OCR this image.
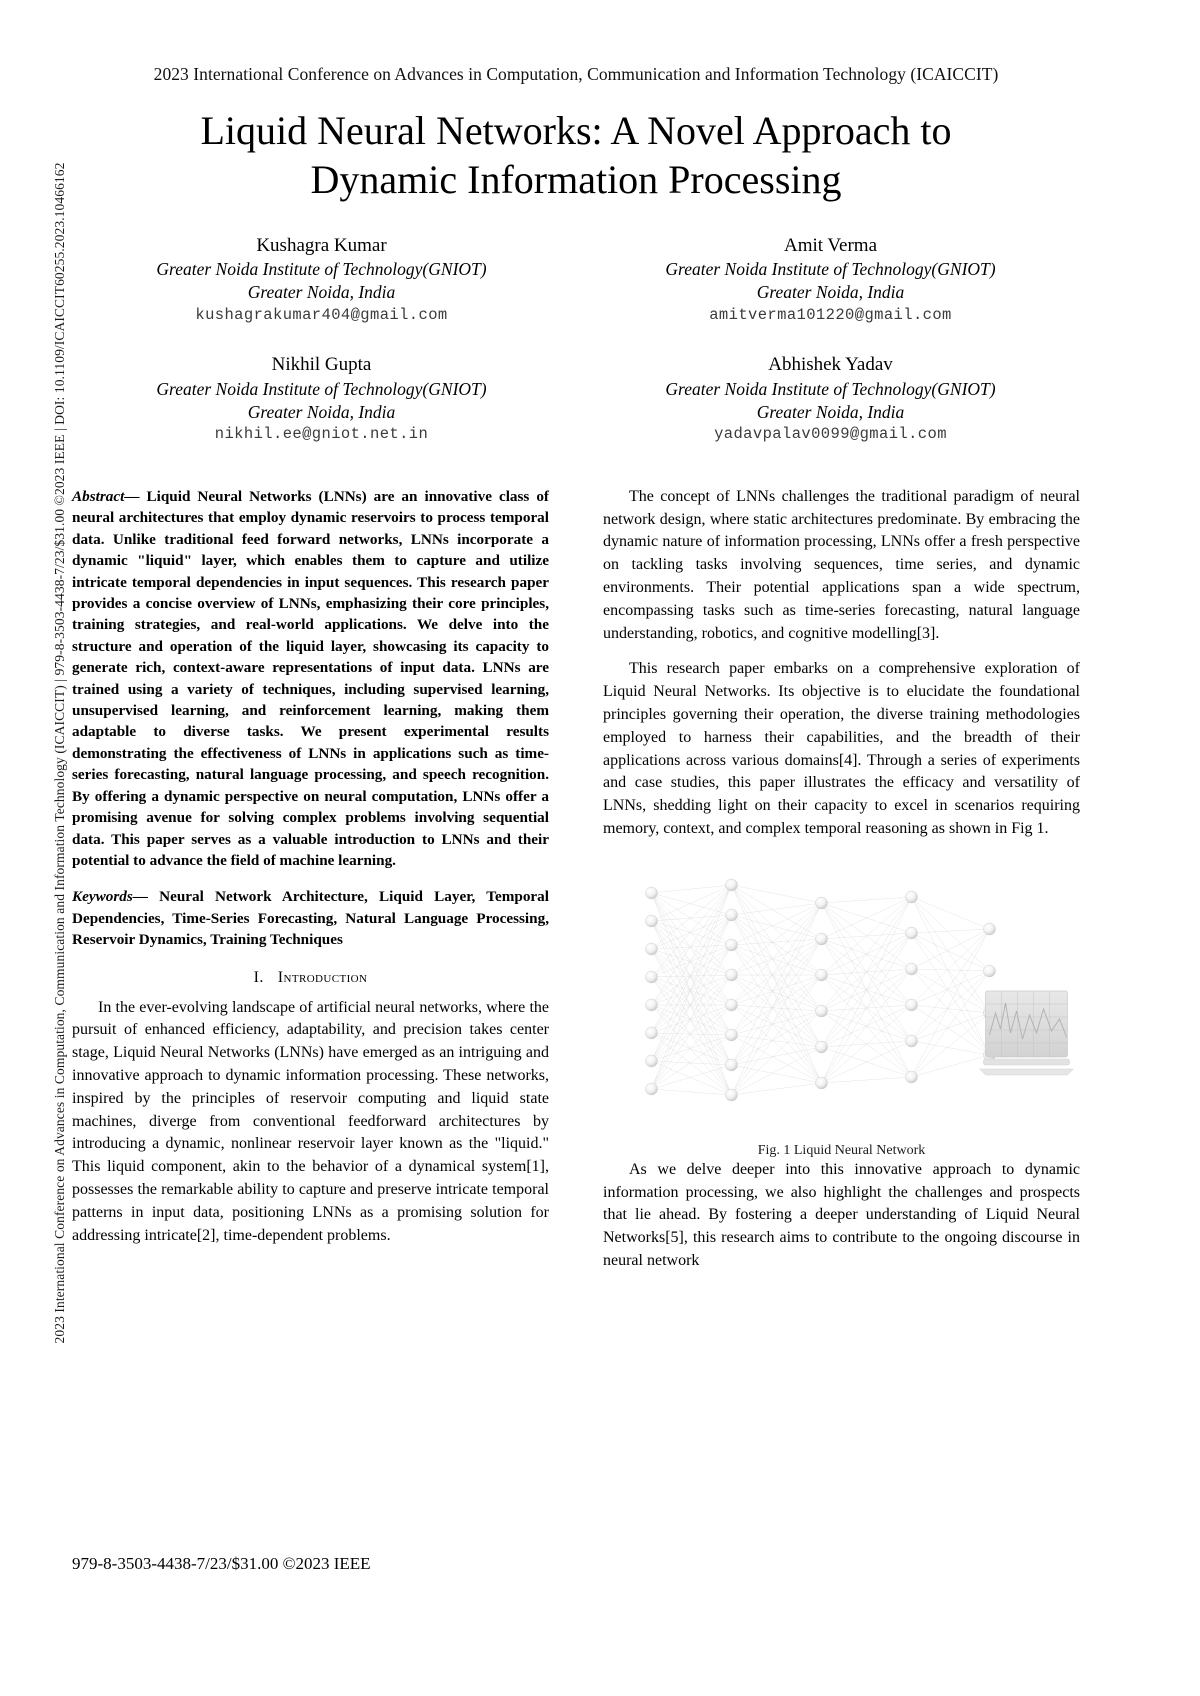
2023 International Conference on Advances in Computation, Communication and Information Technology (ICAICCIT) | 979-8-3503-4438-7/23/$31.00 ©2023 IEEE | DOI: 10.1109/ICAICCIT60255.2023.10466162
2023 International Conference on Advances in Computation, Communication and Information Technology (ICAICCIT)
Liquid Neural Networks: A Novel Approach to Dynamic Information Processing
Kushagra Kumar
Greater Noida Institute of Technology(GNIOT)
Greater Noida, India
kushagrakumar404@gmail.com
Amit Verma
Greater Noida Institute of Technology(GNIOT)
Greater Noida, India
amitverma101220@gmail.com
Nikhil Gupta
Greater Noida Institute of Technology(GNIOT)
Greater Noida, India
nikhil.ee@gniot.net.in
Abhishek Yadav
Greater Noida Institute of Technology(GNIOT)
Greater Noida, India
yadavpalav0099@gmail.com

Abstract— Liquid Neural Networks (LNNs) are an innovative class of neural architectures that employ dynamic reservoirs to process temporal data. Unlike traditional feed forward networks, LNNs incorporate a dynamic "liquid" layer, which enables them to capture and utilize intricate temporal dependencies in input sequences. This research paper provides a concise overview of LNNs, emphasizing their core principles, training strategies, and real-world applications. We delve into the structure and operation of the liquid layer, showcasing its capacity to generate rich, context-aware representations of input data. LNNs are trained using a variety of techniques, including supervised learning, unsupervised learning, and reinforcement learning, making them adaptable to diverse tasks. We present experimental results demonstrating the effectiveness of LNNs in applications such as time-series forecasting, natural language processing, and speech recognition. By offering a dynamic perspective on neural computation, LNNs offer a promising avenue for solving complex problems involving sequential data. This paper serves as a valuable introduction to LNNs and their potential to advance the field of machine learning.

Keywords— Neural Network Architecture, Liquid Layer, Temporal Dependencies, Time-Series Forecasting, Natural Language Processing, Reservoir Dynamics, Training Techniques

I. Introduction

In the ever-evolving landscape of artificial neural networks, where the pursuit of enhanced efficiency, adaptability, and precision takes center stage, Liquid Neural Networks (LNNs) have emerged as an intriguing and innovative approach to dynamic information processing. These networks, inspired by the principles of reservoir computing and liquid state machines, diverge from conventional feedforward architectures by introducing a dynamic, nonlinear reservoir layer known as the "liquid." This liquid component, akin to the behavior of a dynamical system[1], possesses the remarkable ability to capture and preserve intricate temporal patterns in input data, positioning LNNs as a promising solution for addressing intricate[2], time-dependent problems.

The concept of LNNs challenges the traditional paradigm of neural network design, where static architectures predominate. By embracing the dynamic nature of information processing, LNNs offer a fresh perspective on tackling tasks involving sequences, time series, and dynamic environments. Their potential applications span a wide spectrum, encompassing tasks such as time-series forecasting, natural language understanding, robotics, and cognitive modelling[3].

This research paper embarks on a comprehensive exploration of Liquid Neural Networks. Its objective is to elucidate the foundational principles governing their operation, the diverse training methodologies employed to harness their capabilities, and the breadth of their applications across various domains[4]. Through a series of experiments and case studies, this paper illustrates the efficacy and versatility of LNNs, shedding light on their capacity to excel in scenarios requiring memory, context, and complex temporal reasoning as shown in Fig 1.

Fig. 1 Liquid Neural Network

As we delve deeper into this innovative approach to dynamic information processing, we also highlight the challenges and prospects that lie ahead. By fostering a deeper understanding of Liquid Neural Networks[5], this research aims to contribute to the ongoing discourse in neural network

979-8-3503-4438-7/23/$31.00 ©2023 IEEE
